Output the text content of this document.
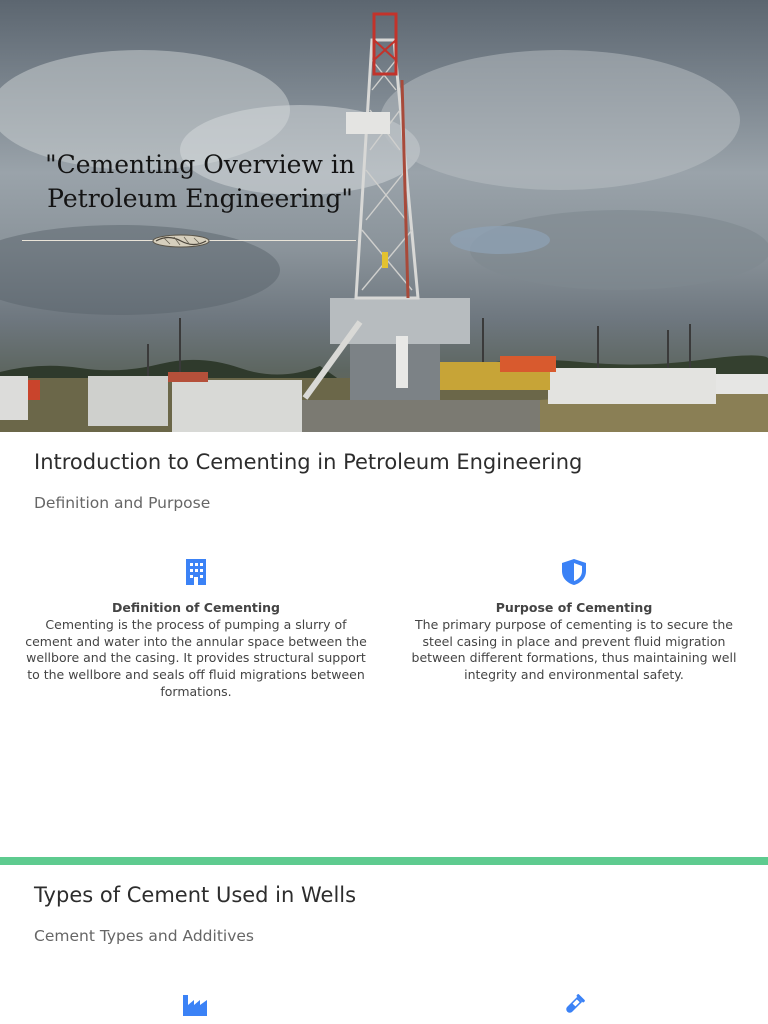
"Cementing Overview in Petroleum Engineering"
Introduction to Cementing in Petroleum Engineering
Definition and Purpose
Definition of Cementing

Cementing is the process of pumping a slurry of cement and water into the annular space between the wellbore and the casing. It provides structural support to the wellbore and seals off fluid migrations between formations.

Purpose of Cementing

The primary purpose of cementing is to secure the steel casing in place and prevent fluid migration between different formations, thus maintaining well integrity and environmental safety.

Types of Cement Used in Wells
Cement Types and Additives
